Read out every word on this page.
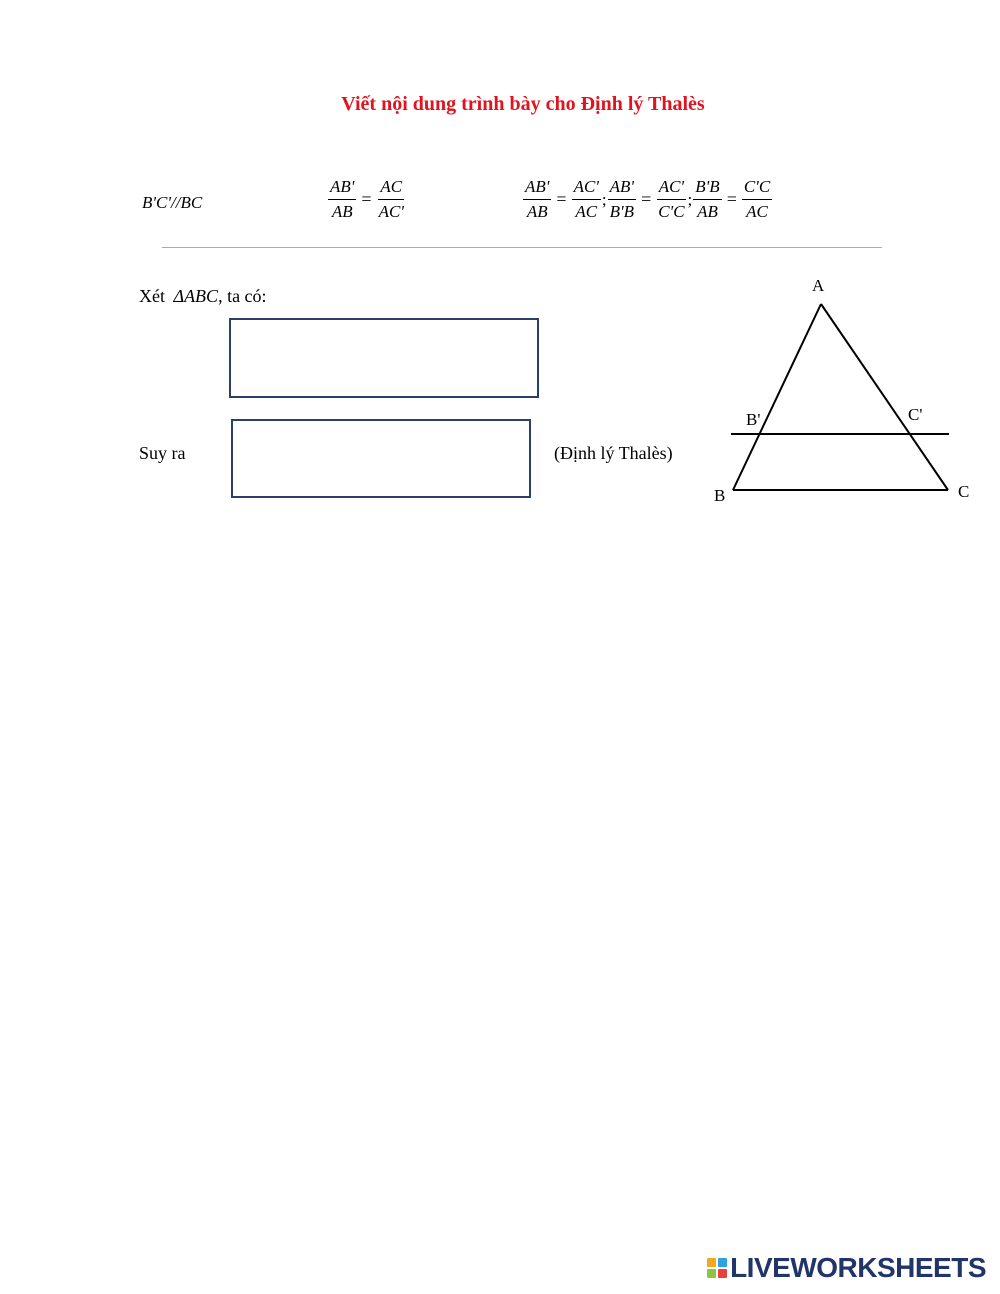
Viết nội dung trình bày cho Định lý Thalès
B'C'//BC	$\frac{AB'}{AB} = \frac{AC}{AC'}$	$\frac{AB'}{AB} = \frac{AC'}{AC}$ ; $\frac{AB'}{B'B} = \frac{AC'}{C'C}$ ; $\frac{B'B}{AB} = \frac{C'C}{AC}$
Xét ΔABC, ta có:
Suy ra	(Định lý Thalès)
A
B	C
B'	C'
LIVEWORKSHEETS
